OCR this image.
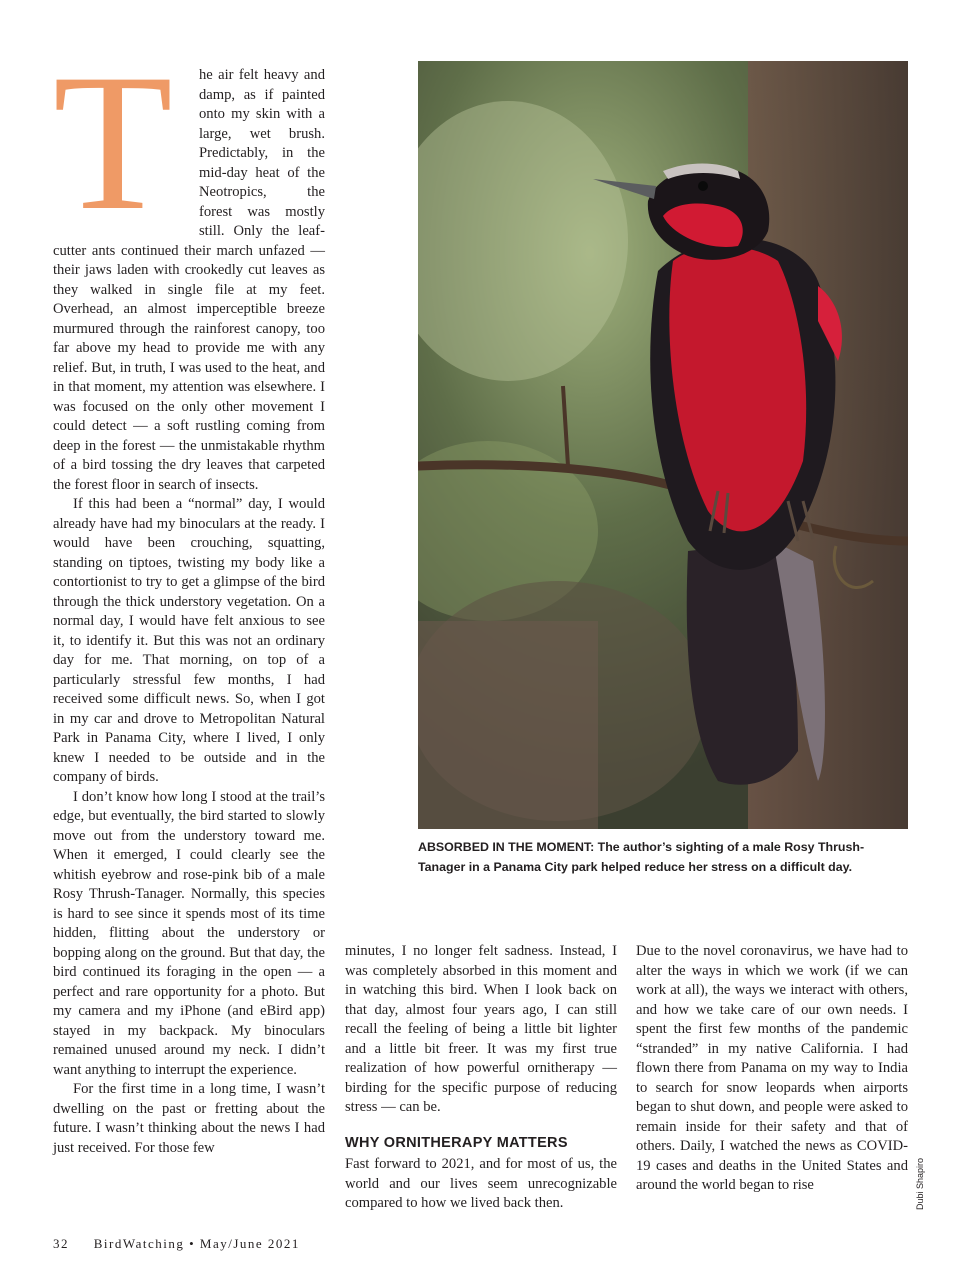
T	he air felt heavy and damp, as if painted onto my skin with a large, wet brush. Predictably, in the mid-day heat of the Neotropics, the forest was mostly still. Only the leaf-cutter ants continued their march unfazed — their jaws laden with crookedly cut leaves as they walked in single file at my feet. Overhead, an almost imperceptible breeze murmured through the rainforest canopy, too far above my head to provide me with any relief. But, in truth, I was used to the heat, and in that moment, my attention was elsewhere. I was focused on the only other movement I could detect — a soft rustling coming from deep in the forest — the unmistakable rhythm of a bird tossing the dry leaves that carpeted the forest floor in search of insects.

If this had been a “normal” day, I would already have had my binoculars at the ready. I would have been crouching, squatting, standing on tiptoes, twisting my body like a contortionist to try to get a glimpse of the bird through the thick understory vegetation. On a normal day, I would have felt anxious to see it, to identify it. But this was not an ordinary day for me. That morning, on top of a particularly stressful few months, I had received some difficult news. So, when I got in my car and drove to Metropolitan Natural Park in Panama City, where I lived, I only knew I needed to be outside and in the company of birds.

I don’t know how long I stood at the trail’s edge, but eventually, the bird started to slowly move out from the understory toward me. When it emerged, I could clearly see the whitish eyebrow and rose-pink bib of a male Rosy Thrush-Tanager. Normally, this species is hard to see since it spends most of its time hidden, flitting about the understory or bopping along on the ground. But that day, the bird continued its foraging in the open — a perfect and rare opportunity for a photo. But my camera and my iPhone (and eBird app) stayed in my backpack. My binoculars remained unused around my neck. I didn’t want anything to interrupt the experience.

For the first time in a long time, I wasn’t dwelling on the past or fretting about the future. I wasn’t thinking about the news I had just received. For those few

ABSORBED IN THE MOMENT: The author’s sighting of a male Rosy Thrush-Tanager in a Panama City park helped reduce her stress on a difficult day.
Dubi Shapiro

minutes, I no longer felt sadness. Instead, I was completely absorbed in this moment and in watching this bird. When I look back on that day, almost four years ago, I can still recall the feeling of being a little bit lighter and a little bit freer. It was my first true realization of how powerful ornitherapy — birding for the specific purpose of reducing stress — can be.

WHY ORNITHERAPY MATTERS

Fast forward to 2021, and for most of us, the world and our lives seem unrecognizable compared to how we lived back then.

Due to the novel coronavirus, we have had to alter the ways in which we work (if we can work at all), the ways we interact with others, and how we take care of our own needs. I spent the first few months of the pandemic “stranded” in my native California. I had flown there from Panama on my way to India to search for snow leopards when airports began to shut down, and people were asked to remain inside for their safety and that of others. Daily, I watched the news as COVID-19 cases and deaths in the United States and around the world began to rise

32 BirdWatching • May/June 2021
